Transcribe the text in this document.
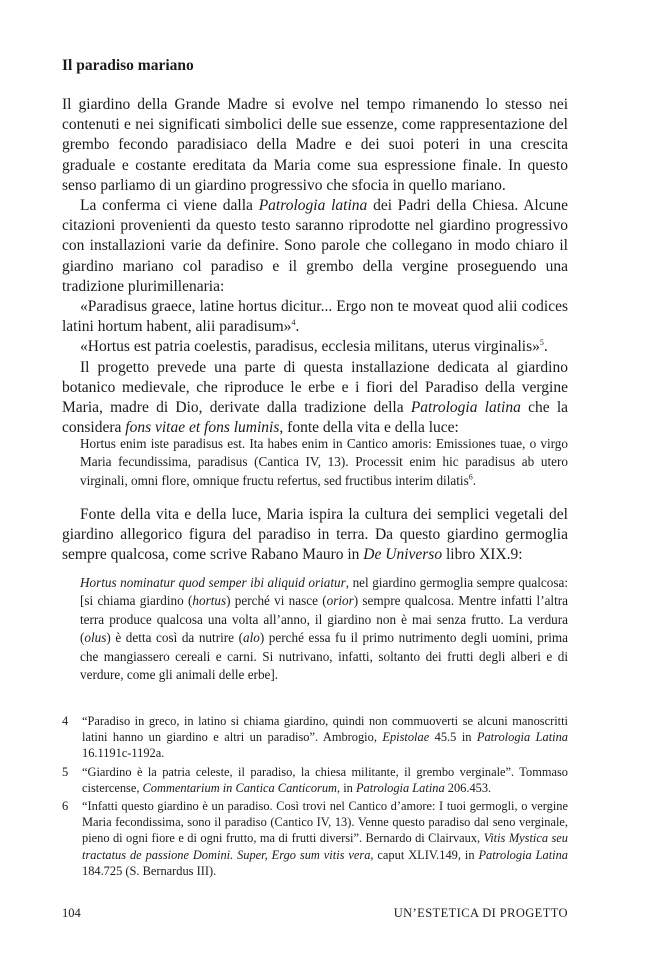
Il paradiso mariano

Il giardino della Grande Madre si evolve nel tempo rimanendo lo stesso nei contenuti e nei significati simbolici delle sue essenze, come rappresentazione del grembo fecondo paradisiaco della Madre e dei suoi poteri in una crescita graduale e costante ereditata da Maria come sua espressione finale. In questo senso parliamo di un giardino progressivo che sfocia in quello mariano.

La conferma ci viene dalla Patrologia latina dei Padri della Chiesa. Alcune citazioni provenienti da questo testo saranno riprodotte nel giardino progressivo con installazioni varie da definire. Sono parole che collegano in modo chiaro il giardino mariano col paradiso e il grembo della vergine proseguendo una tradizione plurimillenaria:

«Paradisus graece, latine hortus dicitur... Ergo non te moveat quod alii codices latini hortum habent, alii paradisum»$^4$.

«Hortus est patria coelestis, paradisus, ecclesia militans, uterus virginalis»$^5$.

Il progetto prevede una parte di questa installazione dedicata al giardino botanico medievale, che riproduce le erbe e i fiori del Paradiso della vergine Maria, madre di Dio, derivate dalla tradizione della Patrologia latina che la considera fons vitae et fons luminis, fonte della vita e della luce:

Hortus enim iste paradisus est. Ita habes enim in Cantico amoris: Emissiones tuae, o virgo Maria fecundissima, paradisus (Cantica IV, 13). Processit enim hic paradisus ab utero virginali, omni flore, omnique fructu refertus, sed fructibus interim dilatis$^6$.

Fonte della vita e della luce, Maria ispira la cultura dei semplici vegetali del giardino allegorico figura del paradiso in terra. Da questo giardino germoglia sempre qualcosa, come scrive Rabano Mauro in De Universo libro XIX.9:

Hortus nominatur quod semper ibi aliquid oriatur, nel giardino germoglia sempre qualcosa: [si chiama giardino (hortus) perché vi nasce (orior) sempre qualcosa. Mentre infatti l’altra terra produce qualcosa una volta all’anno, il giardino non è mai senza frutto. La verdura (olus) è detta così da nutrire (alo) perché essa fu il primo nutrimento degli uomini, prima che mangiassero cereali e carni. Si nutrivano, infatti, soltanto dei frutti degli alberi e di verdure, come gli animali delle erbe].

4	“Paradiso in greco, in latino si chiama giardino, quindi non commuoverti se alcuni manoscritti latini hanno un giardino e altri un paradiso”. Ambrogio, Epistolae 45.5 in Patrologia Latina 16.1191c-1192a.
5	“Giardino è la patria celeste, il paradiso, la chiesa militante, il grembo verginale”. Tommaso cistercense, Commentarium in Cantica Canticorum, in Patrologia Latina 206.453.
6	“Infatti questo giardino è un paradiso. Così trovi nel Cantico d’amore: I tuoi germogli, o vergine Maria fecondissima, sono il paradiso (Cantico IV, 13). Venne questo paradiso dal seno verginale, pieno di ogni fiore e di ogni frutto, ma di frutti diversi”. Bernardo di Clairvaux, Vitis Mystica seu tractatus de passione Domini. Super, Ergo sum vitis vera, caput XLIV.149, in Patrologia Latina 184.725 (S. Bernardus III).
104	UN’ESTETICA DI PROGETTO
